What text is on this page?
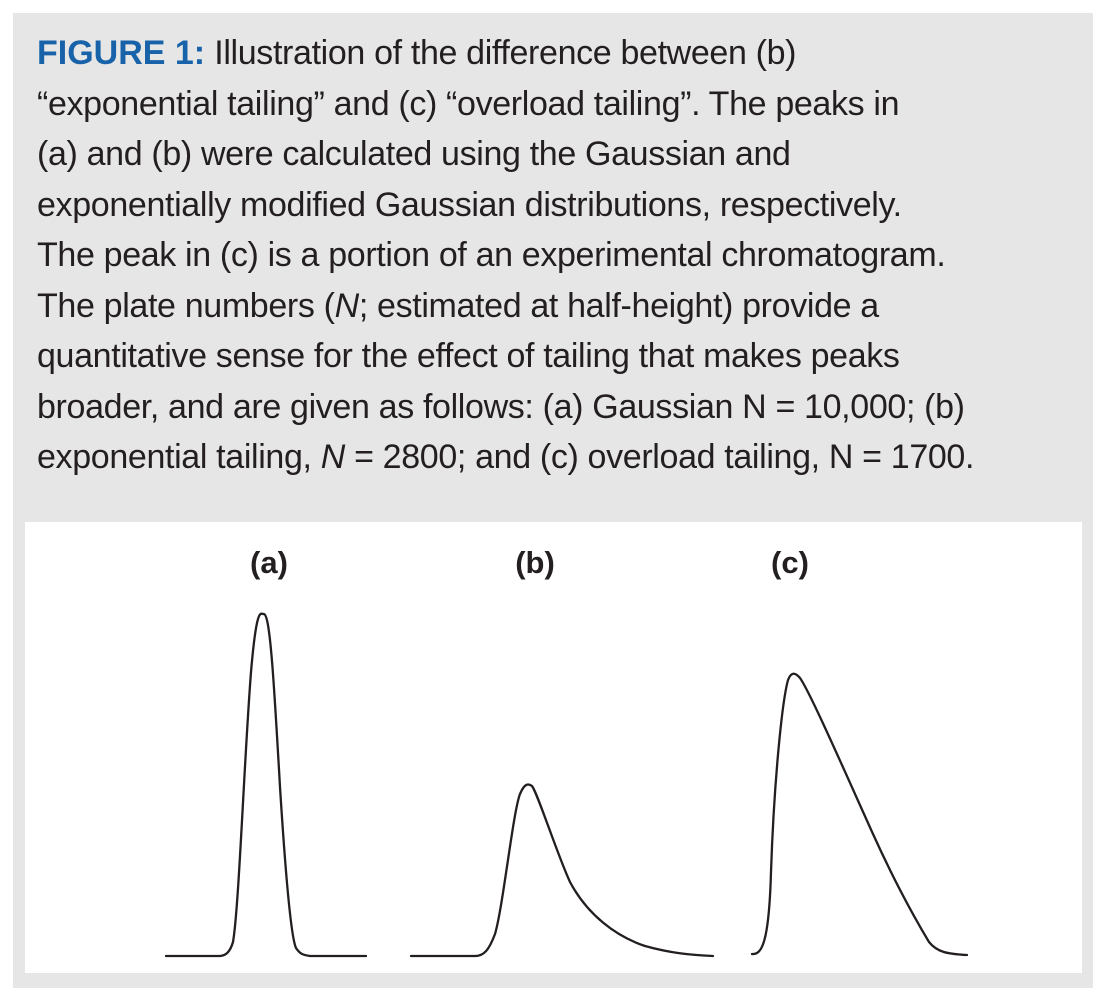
FIGURE 1: Illustration of the difference between (b)
“exponential tailing” and (c) “overload tailing”. The peaks in
(a) and (b) were calculated using the Gaussian and
exponentially modified Gaussian distributions, respectively.
The peak in (c) is a portion of an experimental chromatogram.
The plate numbers (N; estimated at half-height) provide a
quantitative sense for the effect of tailing that makes peaks
broader, and are given as follows: (a) Gaussian N = 10,000; (b)
exponential tailing, N = 2800; and (c) overload tailing, N = 1700.
(a)	(b)	(c)
